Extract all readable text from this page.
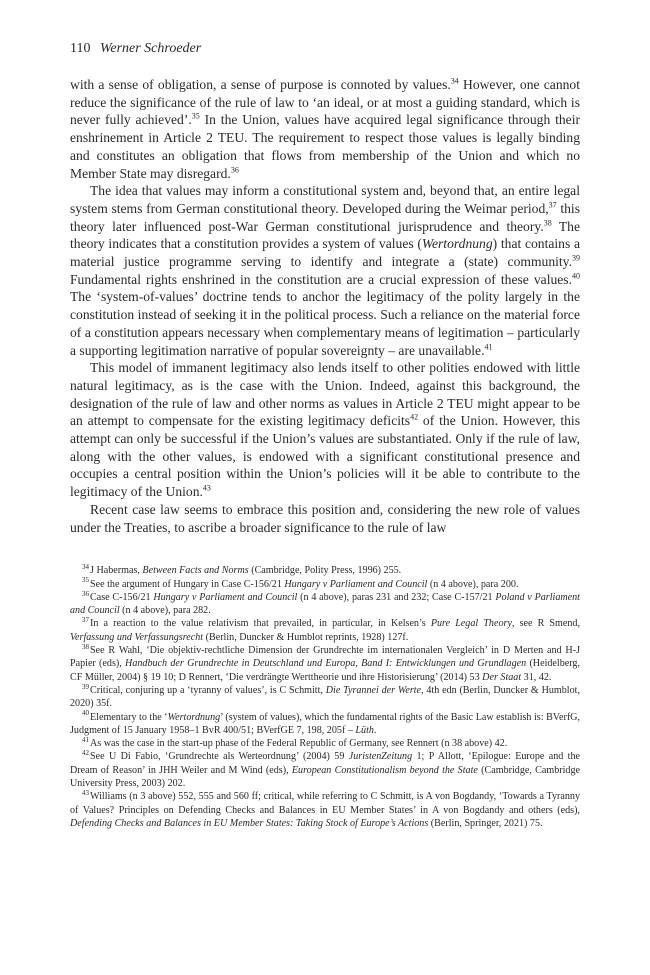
110 Werner Schroeder

with a sense of obligation, a sense of purpose is connoted by values.$^{34}$ However, one cannot reduce the significance of the rule of law to ‘an ideal, or at most a guiding standard, which is never fully achieved’.$^{35}$ In the Union, values have acquired legal significance through their enshrinement in Article 2 TEU. The requirement to respect those values is legally binding and constitutes an obligation that flows from membership of the Union and which no Member State may disregard.$^{36}$

The idea that values may inform a constitutional system and, beyond that, an entire legal system stems from German constitutional theory. Developed during the Weimar period,$^{37}$ this theory later influenced post-War German constitutional jurisprudence and theory.$^{38}$ The theory indicates that a constitution provides a system of values (Wertordnung) that contains a material justice programme serving to identify and integrate a (state) community.$^{39}$ Fundamental rights enshrined in the constitution are a crucial expression of these values.$^{40}$ The ‘system-of-values’ doctrine tends to anchor the legitimacy of the polity largely in the constitution instead of seeking it in the political process. Such a reliance on the material force of a constitution appears necessary when complementary means of legitimation – particularly a supporting legitimation narrative of popular sovereignty – are unavailable.$^{41}$

This model of immanent legitimacy also lends itself to other polities endowed with little natural legitimacy, as is the case with the Union. Indeed, against this background, the designation of the rule of law and other norms as values in Article 2 TEU might appear to be an attempt to compensate for the existing legitimacy deficits$^{42}$ of the Union. However, this attempt can only be successful if the Union’s values are substantiated. Only if the rule of law, along with the other values, is endowed with a significant constitutional presence and occupies a central position within the Union’s policies will it be able to contribute to the legitimacy of the Union.$^{43}$

Recent case law seems to embrace this position and, considering the new role of values under the Treaties, to ascribe a broader significance to the rule of law

$^{34}$J Habermas, Between Facts and Norms (Cambridge, Polity Press, 1996) 255.

$^{35}$See the argument of Hungary in Case C-156/21 Hungary v Parliament and Council (n 4 above), para 200.

$^{36}$Case C-156/21 Hungary v Parliament and Council (n 4 above), paras 231 and 232; Case C-157/21 Poland v Parliament and Council (n 4 above), para 282.

$^{37}$In a reaction to the value relativism that prevailed, in particular, in Kelsen’s Pure Legal Theory, see R Smend, Verfassung und Verfassungsrecht (Berlin, Duncker & Humblot reprints, 1928) 127f.

$^{38}$See R Wahl, ‘Die objektiv-rechtliche Dimension der Grundrechte im internationalen Vergleich’ in D Merten and H-J Papier (eds), Handbuch der Grundrechte in Deutschland und Europa, Band I: Entwicklungen und Grundlagen (Heidelberg, CF Müller, 2004) § 19 10; D Rennert, ‘Die verdrängte Werttheorie und ihre Historisierung’ (2014) 53 Der Staat 31, 42.

$^{39}$Critical, conjuring up a ‘tyranny of values’, is C Schmitt, Die Tyrannei der Werte, 4th edn (Berlin, Duncker & Humblot, 2020) 35f.

$^{40}$Elementary to the ‘Wertordnung’ (system of values), which the fundamental rights of the Basic Law establish is: BVerfG, Judgment of 15 January 1958–1 BvR 400/51; BVerfGE 7, 198, 205f – Lüth.

$^{41}$As was the case in the start-up phase of the Federal Republic of Germany, see Rennert (n 38 above) 42.

$^{42}$See U Di Fabio, ‘Grundrechte als Werteordnung’ (2004) 59 JuristenZeitung 1; P Allott, ‘Epilogue: Europe and the Dream of Reason’ in JHH Weiler and M Wind (eds), European Constitutionalism beyond the State (Cambridge, Cambridge University Press, 2003) 202.

$^{43}$Williams (n 3 above) 552, 555 and 560 ff; critical, while referring to C Schmitt, is A von Bogdandy, ‘Towards a Tyranny of Values? Principles on Defending Checks and Balances in EU Member States’ in A von Bogdandy and others (eds), Defending Checks and Balances in EU Member States: Taking Stock of Europe’s Actions (Berlin, Springer, 2021) 75.
